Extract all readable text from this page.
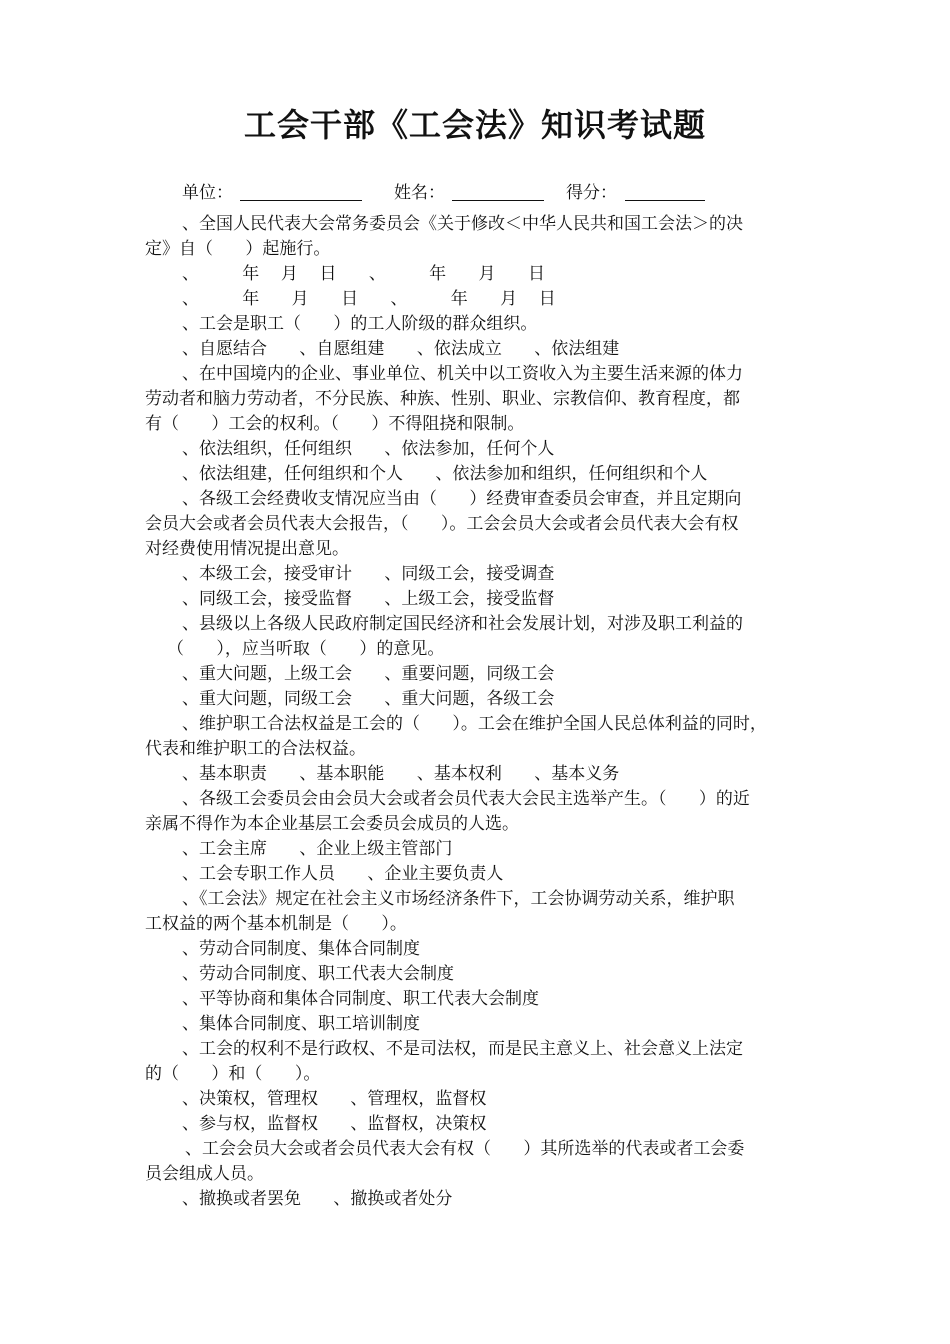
工会干部《工会法》知识考试题
单位：	姓名：	得分：
、全国人民代表大会常务委员会《关于修改＜中华人民共和国工会法＞的决
定》自（      ）起施行。
、        年    月    日      、        年      月      日
、        年      月      日      、        年      月    日
、工会是职工（      ）的工人阶级的群众组织。
、自愿结合      、自愿组建      、依法成立      、依法组建
、在中国境内的企业、事业单位、机关中以工资收入为主要生活来源的体力
劳动者和脑力劳动者，不分民族、种族、性别、职业、宗教信仰、教育程度，都
有（      ）工会的权利。（      ）不得阻挠和限制。
、依法组织，任何组织      、依法参加，任何个人
、依法组建，任何组织和个人      、依法参加和组织，任何组织和个人
、各级工会经费收支情况应当由（      ）经费审查委员会审查，并且定期向
会员大会或者会员代表大会报告，（      ）。工会会员大会或者会员代表大会有权
对经费使用情况提出意见。
、本级工会，接受审计      、同级工会，接受调查
、同级工会，接受监督      、上级工会，接受监督
、县级以上各级人民政府制定国民经济和社会发展计划，对涉及职工利益的
（      ），应当听取（      ）的意见。
、重大问题，上级工会      、重要问题，同级工会
、重大问题，同级工会      、重大问题，各级工会
、维护职工合法权益是工会的（      ）。工会在维护全国人民总体利益的同时，
代表和维护职工的合法权益。
、基本职责      、基本职能      、基本权利      、基本义务
、各级工会委员会由会员大会或者会员代表大会民主选举产生。（      ）的近
亲属不得作为本企业基层工会委员会成员的人选。
、工会主席      、企业上级主管部门
、工会专职工作人员      、企业主要负责人
、《工会法》规定在社会主义市场经济条件下，工会协调劳动关系，维护职
工权益的两个基本机制是（      ）。
、劳动合同制度、集体合同制度
、劳动合同制度、职工代表大会制度
、平等协商和集体合同制度、职工代表大会制度
、集体合同制度、职工培训制度
、工会的权利不是行政权、不是司法权，而是民主意义上、社会意义上法定
的（      ）和（      ）。
、决策权，管理权      、管理权，监督权
、参与权，监督权      、监督权，决策权
、工会会员大会或者会员代表大会有权（      ）其所选举的代表或者工会委
员会组成人员。
、撤换或者罢免      、撤换或者处分
